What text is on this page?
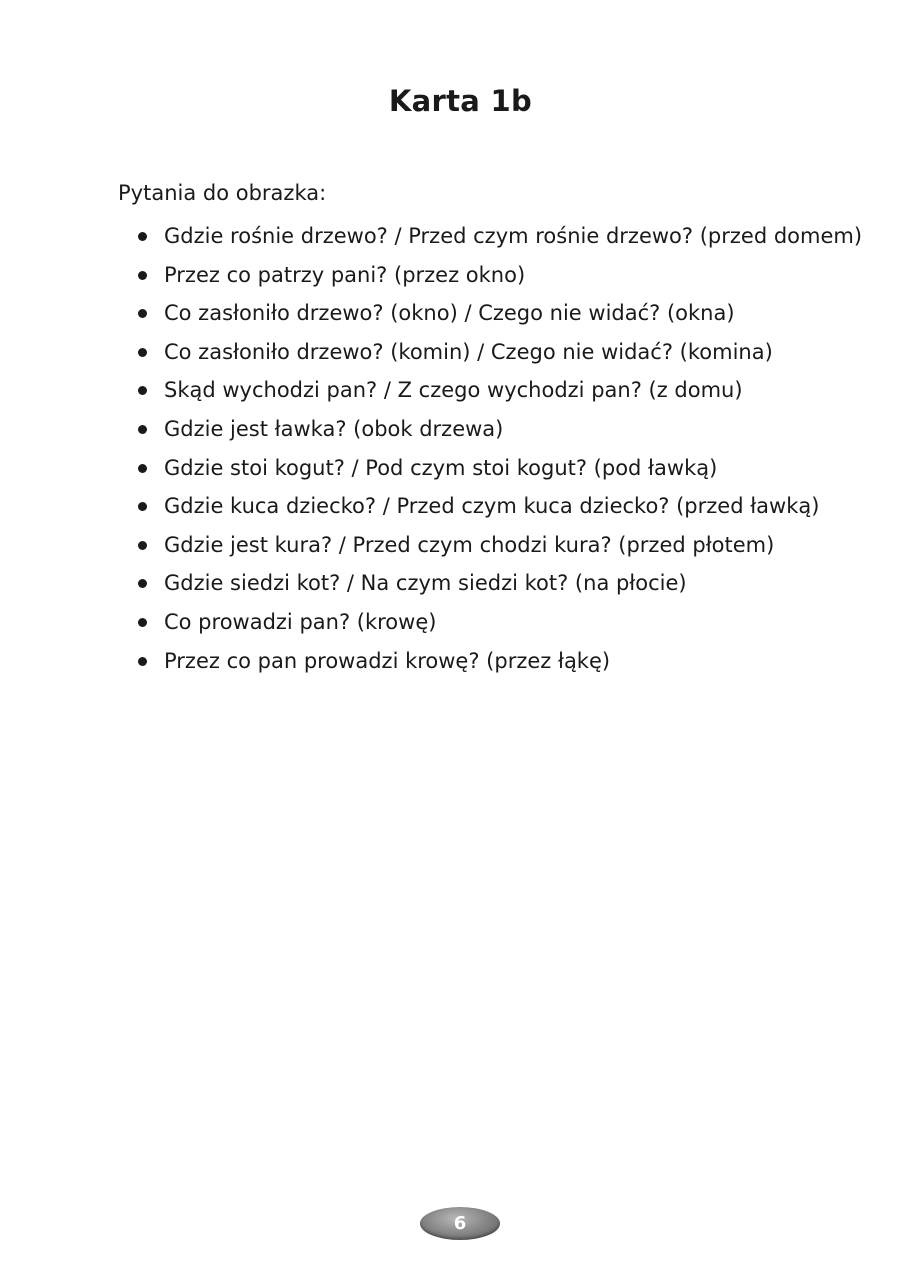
Karta 1b

Pytania do obrazka:

Gdzie rośnie drzewo? / Przed czym rośnie drzewo? (przed domem)
Przez co patrzy pani? (przez okno)
Co zasłoniło drzewo? (okno) / Czego nie widać? (okna)
Co zasłoniło drzewo? (komin) / Czego nie widać? (komina)
Skąd wychodzi pan? / Z czego wychodzi pan? (z domu)
Gdzie jest ławka? (obok drzewa)
Gdzie stoi kogut? / Pod czym stoi kogut? (pod ławką)
Gdzie kuca dziecko? / Przed czym kuca dziecko? (przed ławką)
Gdzie jest kura? / Przed czym chodzi kura? (przed płotem)
Gdzie siedzi kot? / Na czym siedzi kot? (na płocie)
Co prowadzi pan? (krowę)
Przez co pan prowadzi krowę? (przez łąkę)
6
